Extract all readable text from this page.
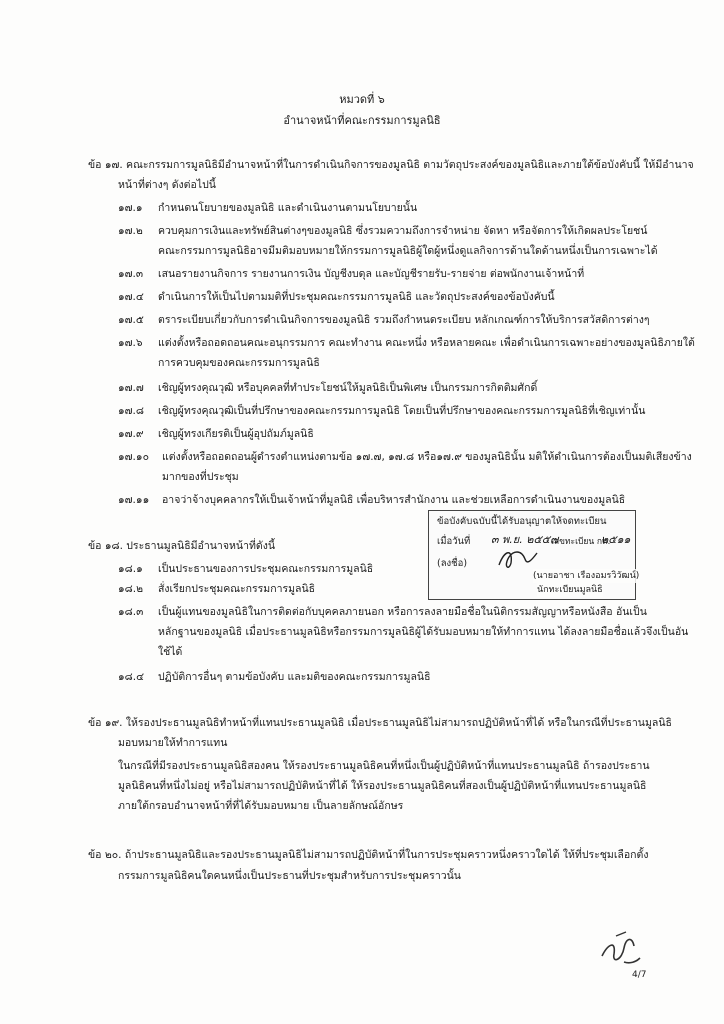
หมวดที่ ๖
อำนาจหน้าที่คณะกรรมการมูลนิธิ
ข้อ ๑๗. คณะกรรมการมูลนิธิมีอำนาจหน้าที่ในการดำเนินกิจการของมูลนิธิ ตามวัตถุประสงค์ของมูลนิธิและภายใต้ข้อบังคับนี้ ให้มีอำนาจ
หน้าที่ต่างๆ ดังต่อไปนี้
๑๗.๑ กำหนดนโยบายของมูลนิธิ และดำเนินงานตามนโยบายนั้น
๑๗.๒ ควบคุมการเงินและทรัพย์สินต่างๆของมูลนิธิ ซึ่งรวมความถึงการจำหน่าย จัดหา หรือจัดการให้เกิดผลประโยชน์
คณะกรรมการมูลนิธิอาจมีมติมอบหมายให้กรรมการมูลนิธิผู้ใดผู้หนึ่งดูแลกิจการด้านใดด้านหนึ่งเป็นการเฉพาะได้
๑๗.๓ เสนอรายงานกิจการ รายงานการเงิน บัญชีงบดุล และบัญชีรายรับ-รายจ่าย ต่อพนักงานเจ้าหน้าที่
๑๗.๔ ดำเนินการให้เป็นไปตามมติที่ประชุมคณะกรรมการมูลนิธิ และวัตถุประสงค์ของข้อบังคับนี้
๑๗.๕ ตราระเบียบเกี่ยวกับการดำเนินกิจการของมูลนิธิ รวมถึงกำหนดระเบียบ หลักเกณฑ์การให้บริการสวัสดิการต่างๆ
๑๗.๖ แต่งตั้งหรือถอดถอนคณะอนุกรรมการ คณะทำงาน คณะหนึ่ง หรือหลายคณะ เพื่อดำเนินการเฉพาะอย่างของมูลนิธิภายใต้
การควบคุมของคณะกรรมการมูลนิธิ
๑๗.๗ เชิญผู้ทรงคุณวุฒิ หรือบุคคลที่ทำประโยชน์ให้มูลนิธิเป็นพิเศษ เป็นกรรมการกิตติมศักดิ์
๑๗.๘ เชิญผู้ทรงคุณวุฒิเป็นที่ปรึกษาของคณะกรรมการมูลนิธิ โดยเป็นที่ปรึกษาของคณะกรรมการมูลนิธิที่เชิญเท่านั้น
๑๗.๙ เชิญผู้ทรงเกียรติเป็นผู้อุปถัมภ์มูลนิธิ
๑๗.๑๐ แต่งตั้งหรือถอดถอนผู้ดำรงตำแหน่งตามข้อ ๑๗.๗, ๑๗.๘ หรือ๑๗.๙ ของมูลนิธินั้น มติให้ดำเนินการต้องเป็นมติเสียงข้าง
มากของที่ประชุม
๑๗.๑๑ อาจว่าจ้างบุคคลากรให้เป็นเจ้าหน้าที่มูลนิธิ เพื่อบริหารสำนักงาน และช่วยเหลือการดำเนินงานของมูลนิธิ
ข้อ ๑๘. ประธานมูลนิธิมีอำนาจหน้าที่ดังนี้
๑๘.๑ เป็นประธานของการประชุมคณะกรรมการมูลนิธิ
๑๘.๒ สั่งเรียกประชุมคณะกรรมการมูลนิธิ
๑๘.๓ เป็นผู้แทนของมูลนิธิในการติดต่อกับบุคคลภายนอก หรือการลงลายมือชื่อในนิติกรรมสัญญาหรือหนังสือ อันเป็น
หลักฐานของมูลนิธิ เมื่อประธานมูลนิธิหรือกรรมการมูลนิธิผู้ได้รับมอบหมายให้ทำการแทน ได้ลงลายมือชื่อแล้วจึงเป็นอัน
ใช้ได้
๑๘.๔ ปฏิบัติการอื่นๆ ตามข้อบังคับ และมติของคณะกรรมการมูลนิธิ
ข้อ ๑๙. ให้รองประธานมูลนิธิทำหน้าที่แทนประธานมูลนิธิ เมื่อประธานมูลนิธิไม่สามารถปฏิบัติหน้าที่ได้ หรือในกรณีที่ประธานมูลนิธิ
มอบหมายให้ทำการแทน
ในกรณีที่มีรองประธานมูลนิธิสองคน ให้รองประธานมูลนิธิคนที่หนึ่งเป็นผู้ปฏิบัติหน้าที่แทนประธานมูลนิธิ ถ้ารองประธาน
มูลนิธิคนที่หนึ่งไม่อยู่ หรือไม่สามารถปฏิบัติหน้าที่ได้ ให้รองประธานมูลนิธิคนที่สองเป็นผู้ปฏิบัติหน้าที่แทนประธานมูลนิธิ
ภายใต้กรอบอำนาจหน้าที่ที่ได้รับมอบหมาย เป็นลายลักษณ์อักษร
ข้อ ๒๐. ถ้าประธานมูลนิธิและรองประธานมูลนิธิไม่สามารถปฏิบัติหน้าที่ในการประชุมคราวหนึ่งคราวใดได้ ให้ที่ประชุมเลือกตั้ง
กรรมการมูลนิธิคนใดคนหนึ่งเป็นประธานที่ประชุมสำหรับการประชุมคราวนั้น
ข้อบังคับฉบับนี้ได้รับอนุญาตให้จดทะเบียน
เมื่อวันที่ ๓ พ.ย. ๒๕๕๗
เลขทะเบียน กท.
๒๕๑๑
(ลงชื่อ)
(นายอาชา เรืองอมรวิวัฒน์)
นักทะเบียนมูลนิธิ
4/7
